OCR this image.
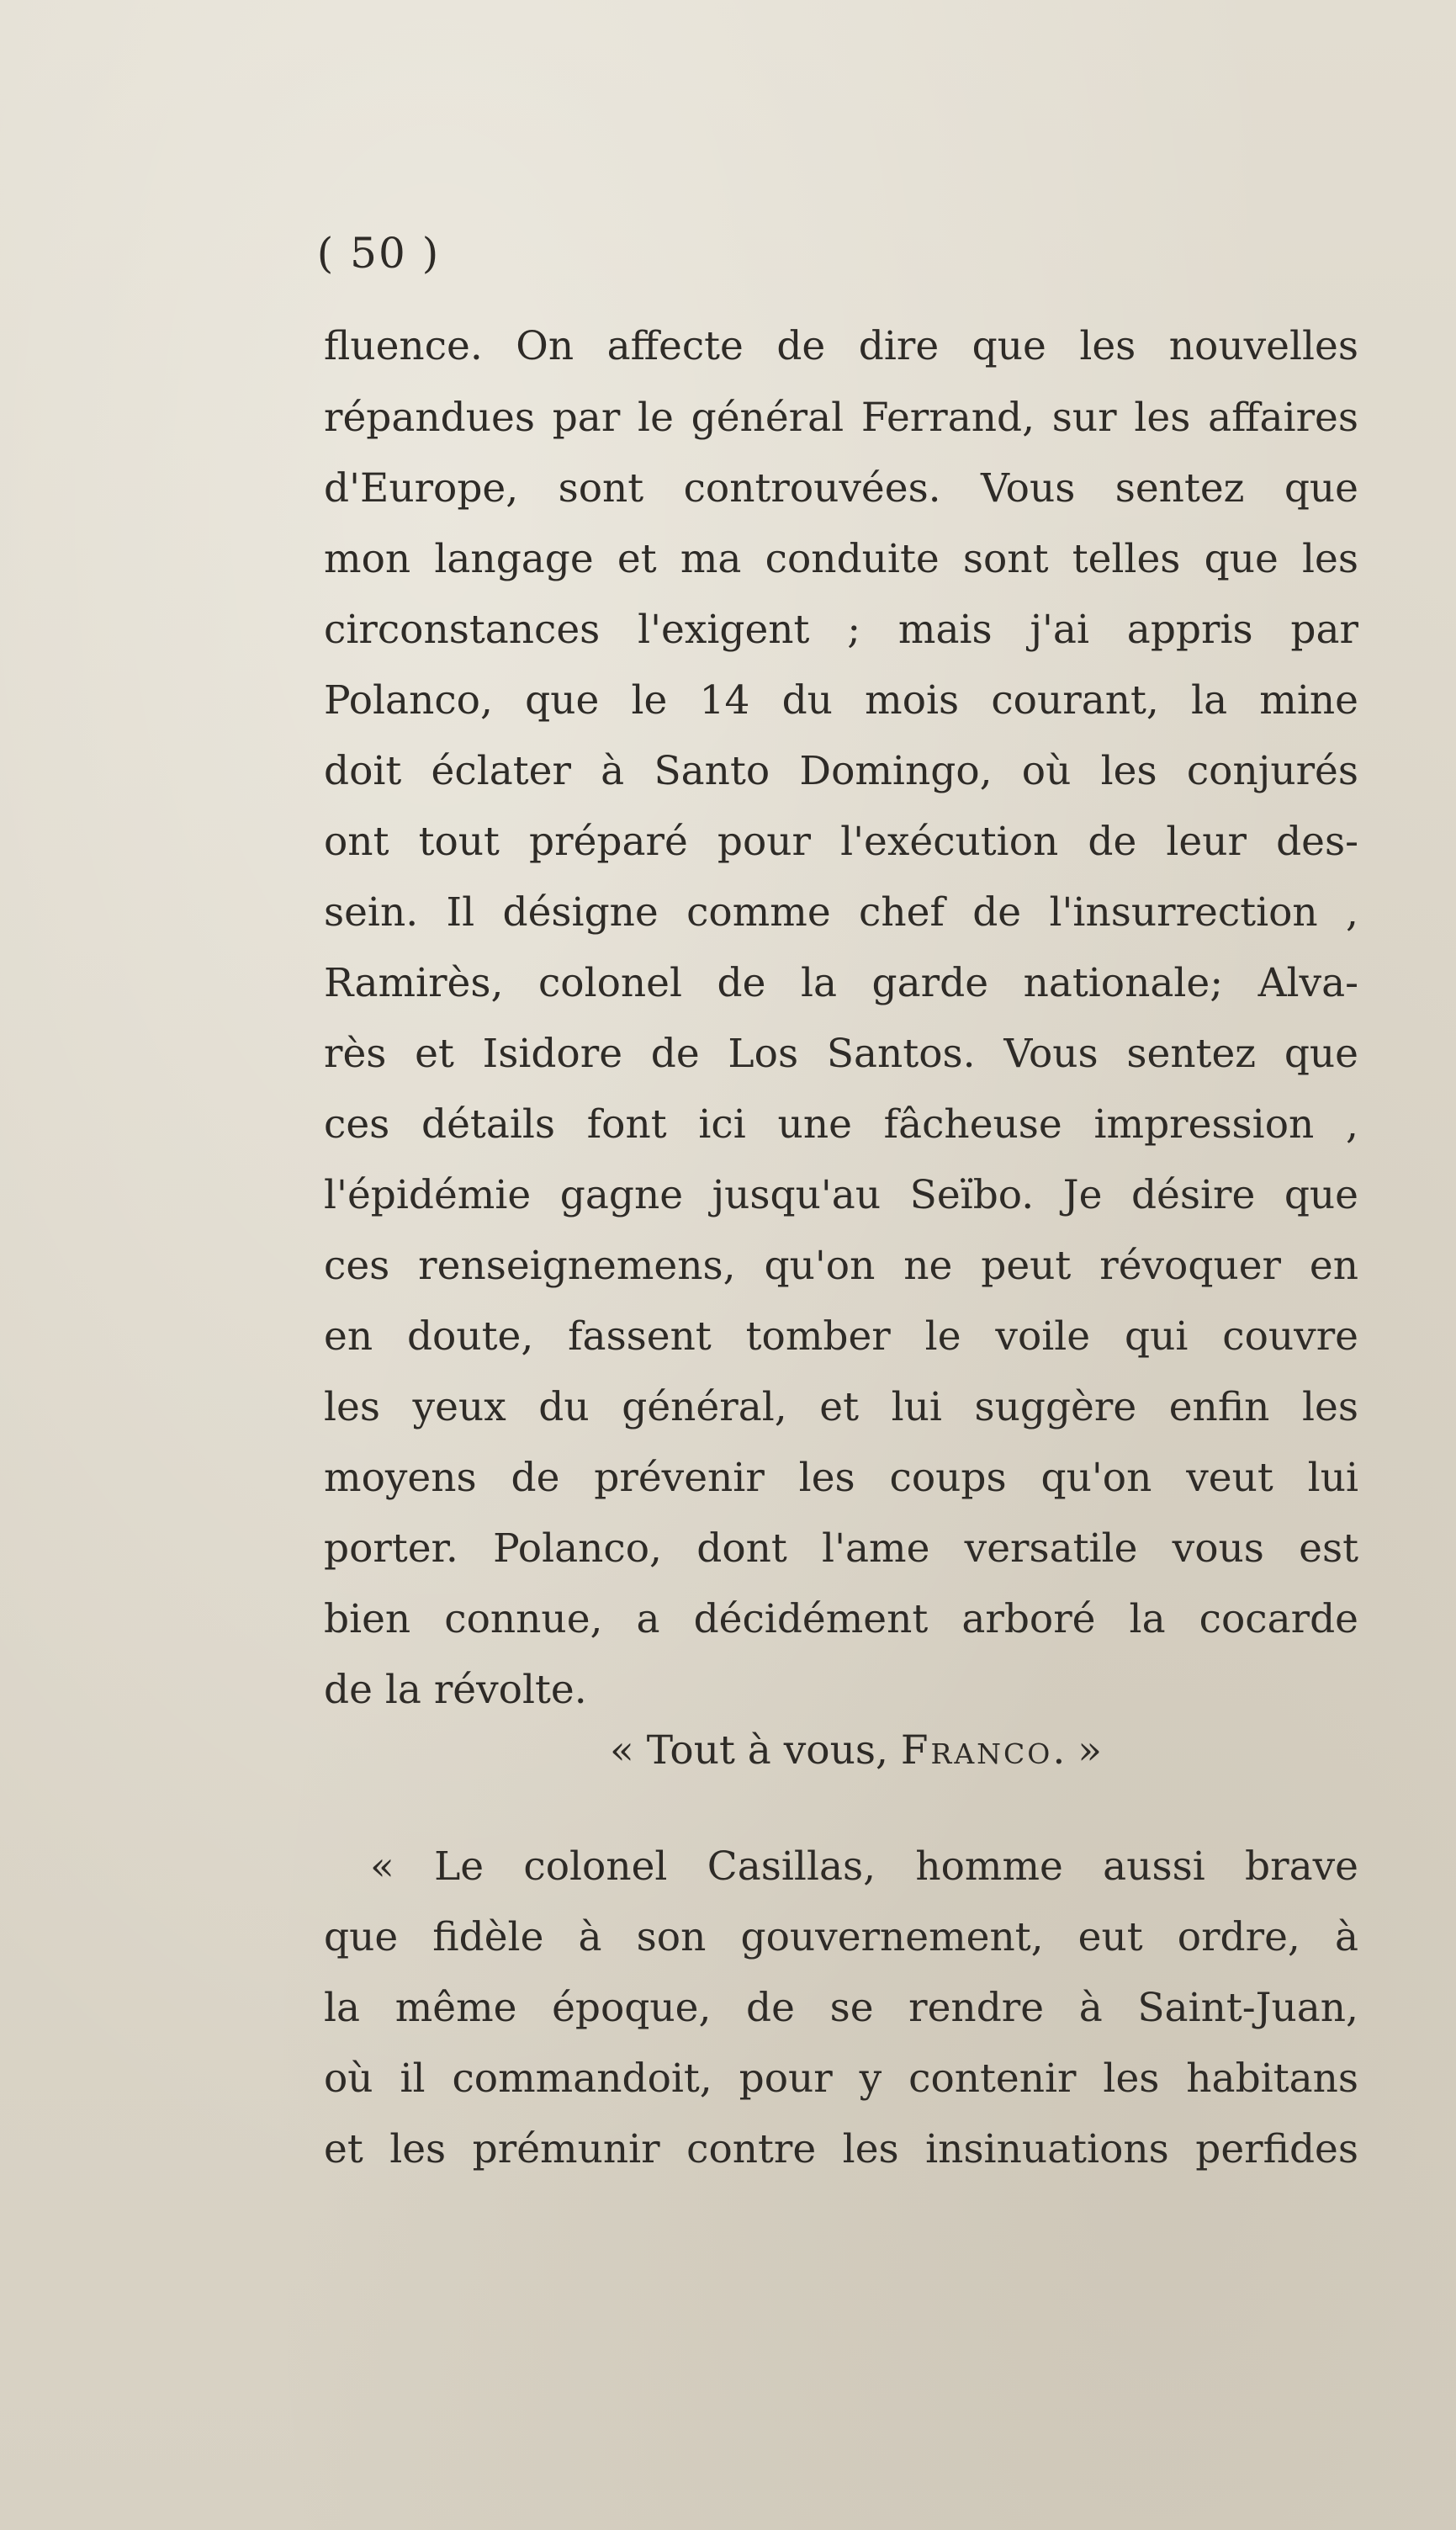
( 50 )
fluence. On affecte de dire que les nouvelles
répandues par le général Ferrand, sur les affaires
d'Europe, sont controuvées. Vous sentez que
mon langage et ma conduite sont telles que les
circonstances l'exigent ; mais j'ai appris par
Polanco, que le 14 du mois courant, la mine
doit éclater à Santo Domingo, où les conjurés
ont tout préparé pour l'exécution de leur des-
sein. Il désigne comme chef de l'insurrection ,
Ramirès, colonel de la garde nationale; Alva-
rès et Isidore de Los Santos. Vous sentez que
ces détails font ici une fâcheuse impression ,
l'épidémie gagne jusqu'au Seïbo. Je désire que
ces renseignemens, qu'on ne peut révoquer en
en doute, fassent tomber le voile qui couvre
les yeux du général, et lui suggère enfin les
moyens de prévenir les coups qu'on veut lui
porter. Polanco, dont l'ame versatile vous est
bien connue, a décidément arboré la cocarde
de la révolte.
« Tout à vous, Franco. »
« Le colonel Casillas, homme aussi brave
que fidèle à son gouvernement, eut ordre, à
la même époque, de se rendre à Saint-Juan,
où il commandoit, pour y contenir les habitans
et les prémunir contre les insinuations perfides
